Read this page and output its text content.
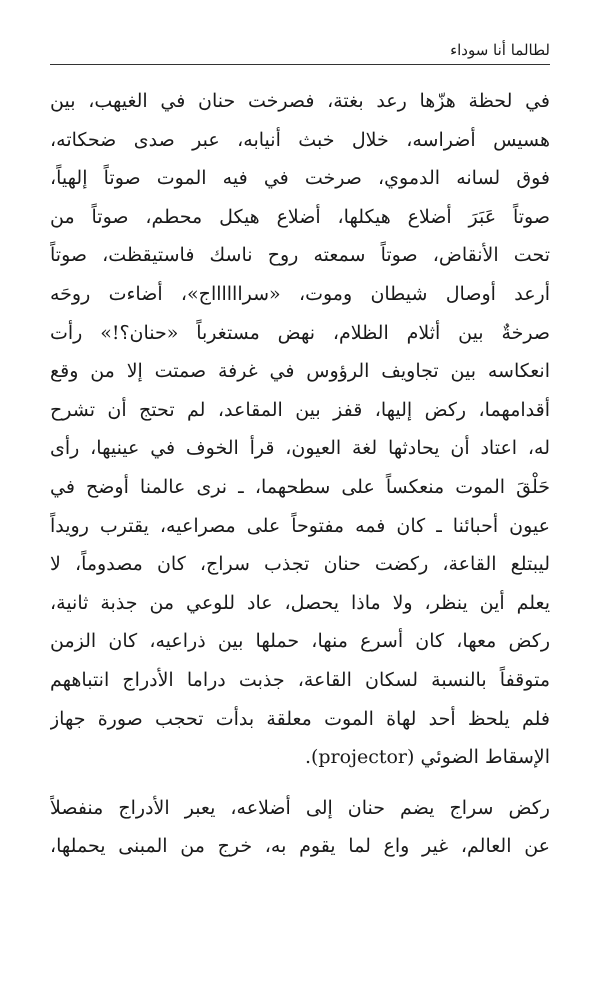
لطالما أنا سوداء
في لحظة هزّها رعد بغتة، فصرخت حنان في الغيهب، بين
هسيس أضراسه، خلال خبث أنيابه، عبر صدى ضحكاته،
فوق لسانه الدموي، صرخت في فيه الموت صوتاً إلهياً،
صوتاً عَبَرَ أضلاع هيكلها، أضلاع هيكل محطم، صوتاً من
تحت الأنقاض، صوتاً سمعته روح ناسك فاستيقظت، صوتاً
أرعد أوصال شيطان وموت، «سرااااااج»، أضاءت روحَه
صرخةٌ بين أثلام الظلام، نهض مستغرباً «حنان؟!» رأت
انعكاسه بين تجاويف الرؤوس في غرفة صمتت إلا من وقع
أقدامهما، ركض إليها، قفز بين المقاعد، لم تحتج أن تشرح
له، اعتاد أن يحادثها لغة العيون، قرأ الخوف في عينيها، رأى
حَلْقَ الموت منعكساً على سطحهما، ـ نرى عالمنا أوضح في
عيون أحبائنا ـ كان فمه مفتوحاً على مصراعيه، يقترب رويداً
ليبتلع القاعة، ركضت حنان تجذب سراج، كان مصدوماً، لا
يعلم أين ينظر، ولا ماذا يحصل، عاد للوعي من جذبة ثانية،
ركض معها، كان أسرع منها، حملها بين ذراعيه، كان الزمن
متوقفاً بالنسبة لسكان القاعة، جذبت دراما الأدراج انتباههم
فلم يلحظ أحد لهاة الموت معلقة بدأت تحجب صورة جهاز
الإسقاط الضوئي (projector).
ركض سراج يضم حنان إلى أضلاعه، يعبر الأدراج منفصلاً
عن العالم، غير واع لما يقوم به، خرج من المبنى يحملها،
